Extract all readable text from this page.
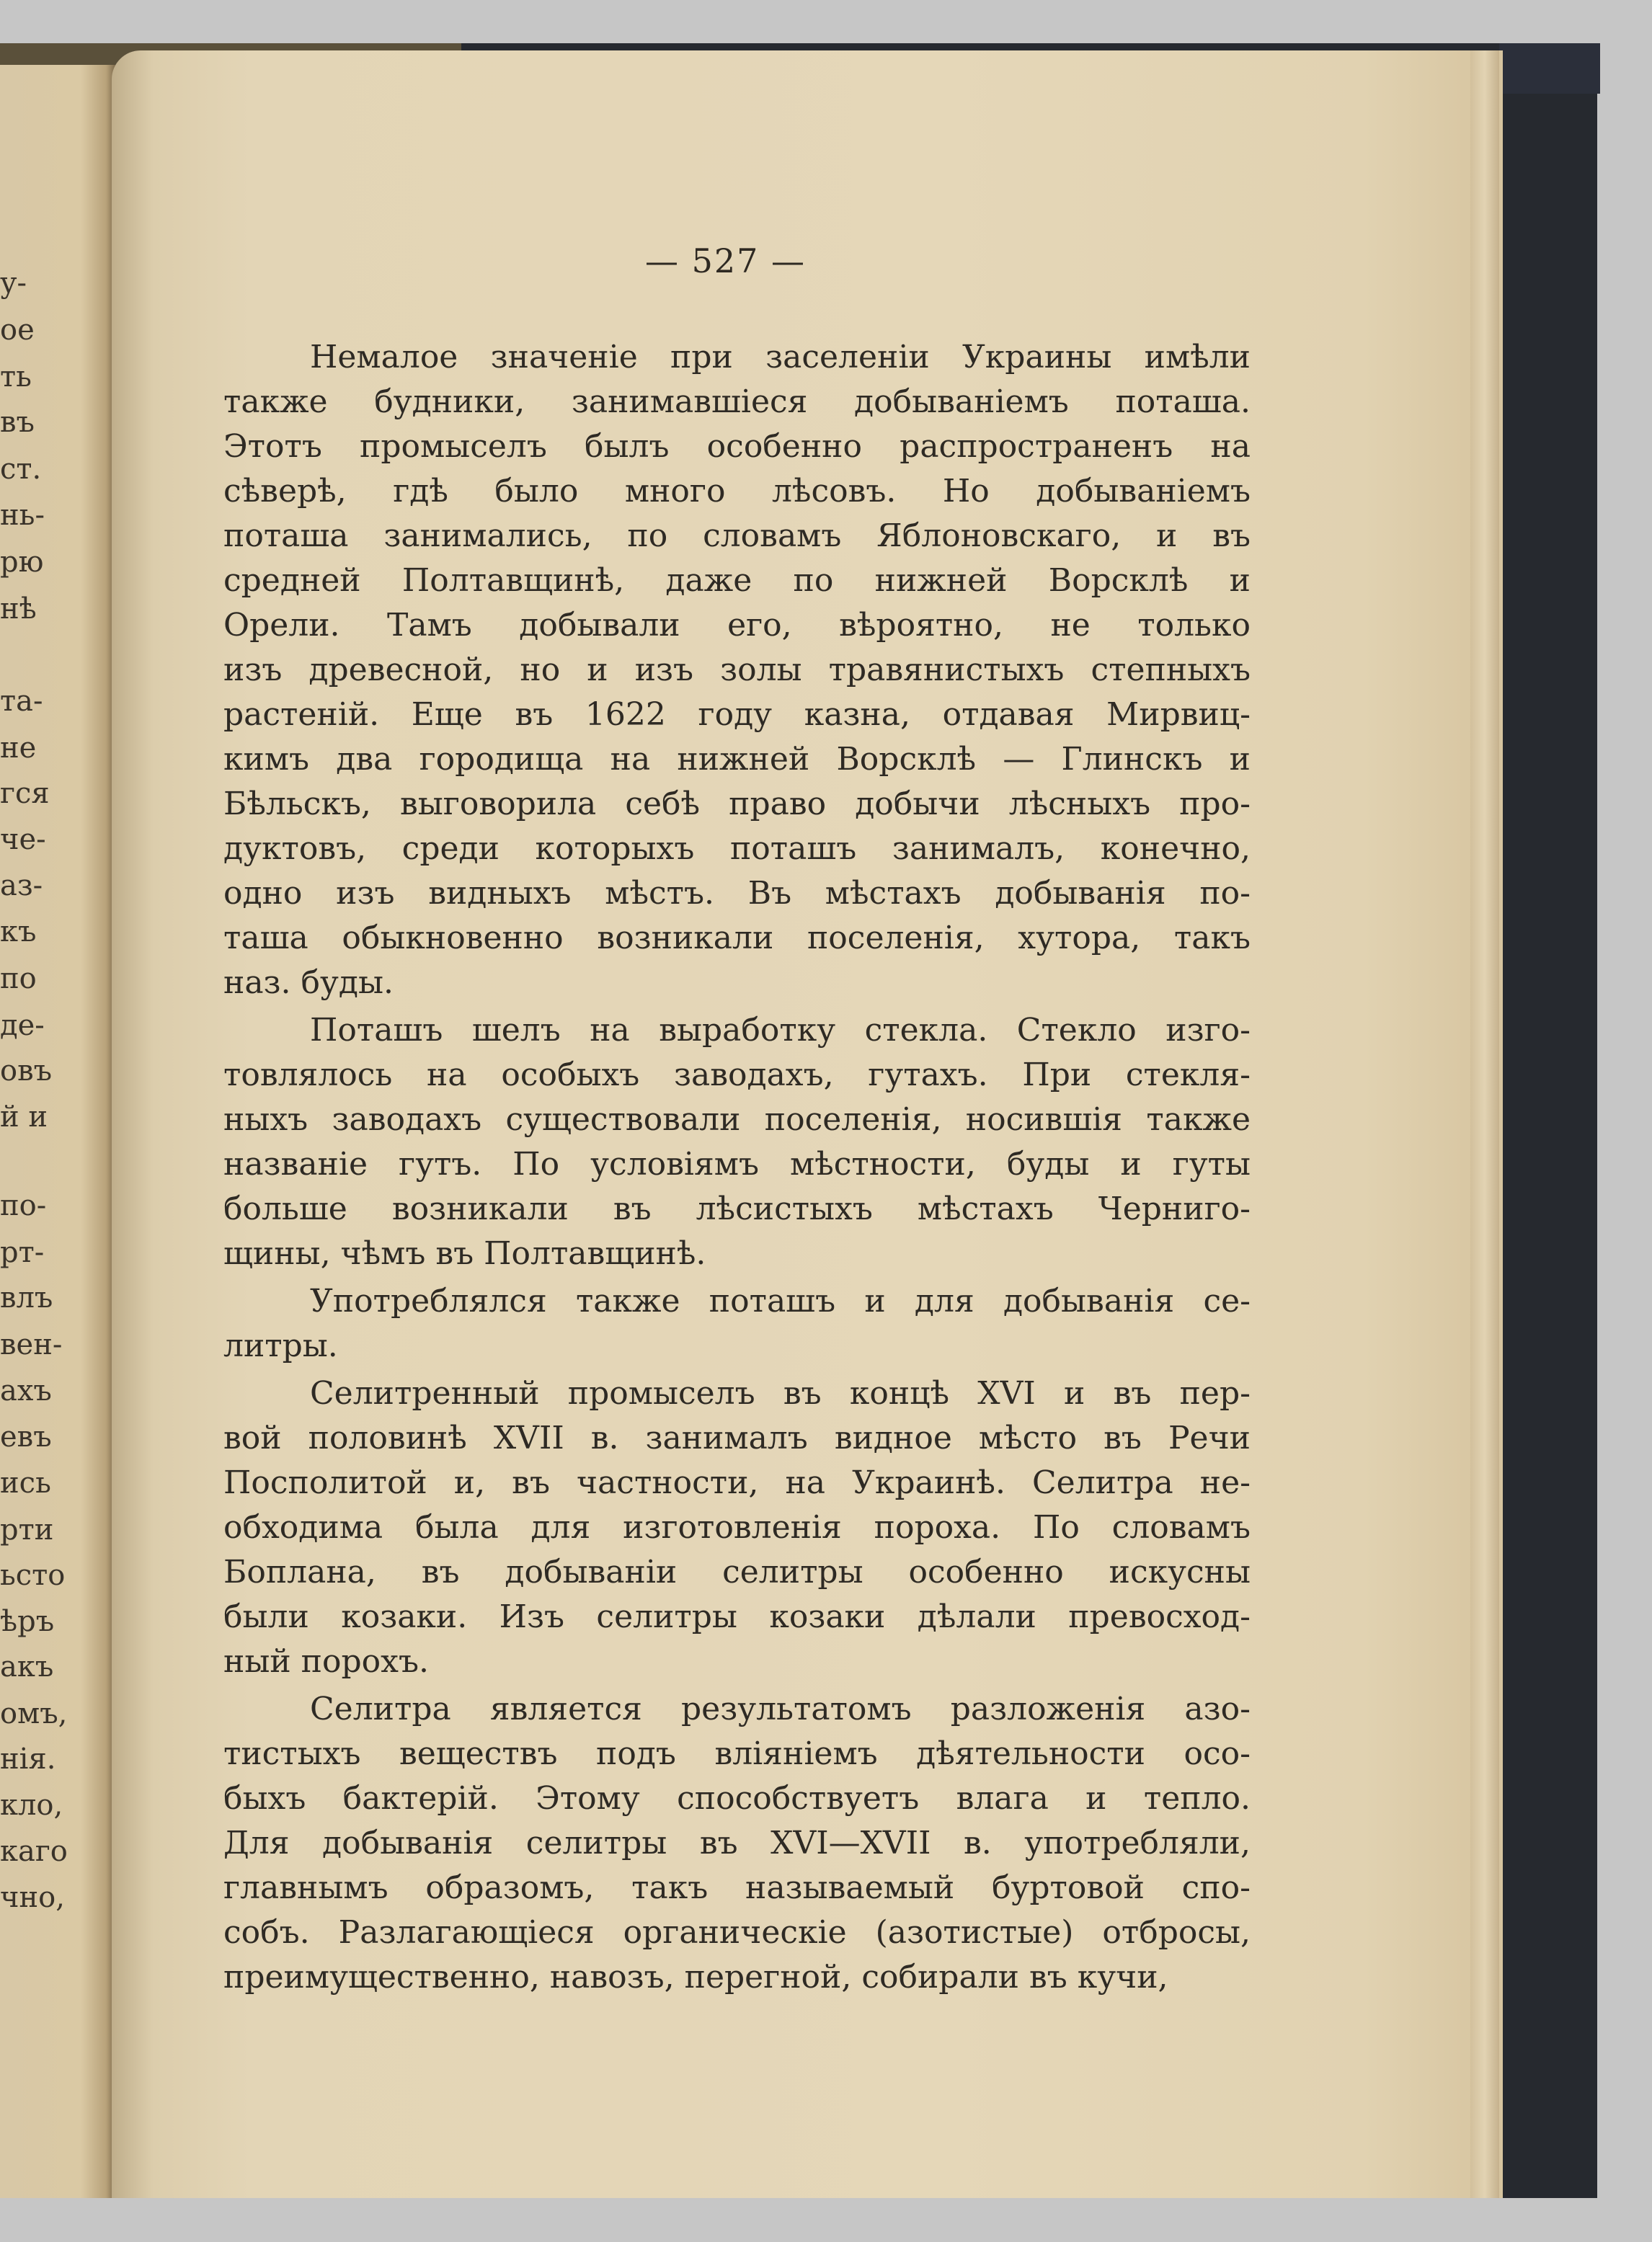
— 527 —
Немалое значеніе при заселеніи Украины имѣли
также будники, занимавшіеся добываніемъ поташа.
Этотъ промыселъ былъ особенно распространенъ на
сѣверѣ, гдѣ было много лѣсовъ. Но добываніемъ
поташа занимались, по словамъ Яблоновскаго, и въ
средней Полтавщинѣ, даже по нижней Ворсклѣ и
Орели. Тамъ добывали его, вѣроятно, не только
изъ древесной, но и изъ золы травянистыхъ степныхъ
растеній. Еще въ 1622 году казна, отдавая Мирвиц-
кимъ два городища на нижней Ворсклѣ — Глинскъ и
Бѣльскъ, выговорила себѣ право добычи лѣсныхъ про-
дуктовъ, среди которыхъ поташъ занималъ, конечно,
одно изъ видныхъ мѣстъ. Въ мѣстахъ добыванія по-
таша обыкновенно возникали поселенія, хутора, такъ
наз. буды.
Поташъ шелъ на выработку стекла. Стекло изго-
товлялось на особыхъ заводахъ, гутахъ. При стекля-
ныхъ заводахъ существовали поселенія, носившія также
названіе гутъ. По условіямъ мѣстности, буды и гуты
больше возникали въ лѣсистыхъ мѣстахъ Черниго-
щины, чѣмъ въ Полтавщинѣ.
Употреблялся также поташъ и для добыванія се-
литры.
Селитренный промыселъ въ концѣ XVI и въ пер-
вой половинѣ XVII в. занималъ видное мѣсто въ Речи
Посполитой и, въ частности, на Украинѣ. Селитра не-
обходима была для изготовленія пороха. По словамъ
Боплана, въ добываніи селитры особенно искусны
были козаки. Изъ селитры козаки дѣлали превосход-
ный порохъ.
Селитра является результатомъ разложенія азо-
тистыхъ веществъ подъ вліяніемъ дѣятельности осо-
быхъ бактерій. Этому способствуетъ влага и тепло.
Для добыванія селитры въ XVI—XVII в. употребляли,
главнымъ образомъ, такъ называемый буртовой спо-
собъ. Разлагающіеся органическіе (азотистые) отбросы,
преимущественно, навозъ, перегной, собирали въ кучи,
у-
ое
ть
въ
ст.
нь-
рю
нѣ
та-
не
гся
че-
аз-
къ
по
де-
овъ
й и
по-
рт-
влъ
вен-
ахъ
евъ
ись
рти
ьсто
ѣръ
акъ
омъ,
нія.
кло,
каго
чно,
